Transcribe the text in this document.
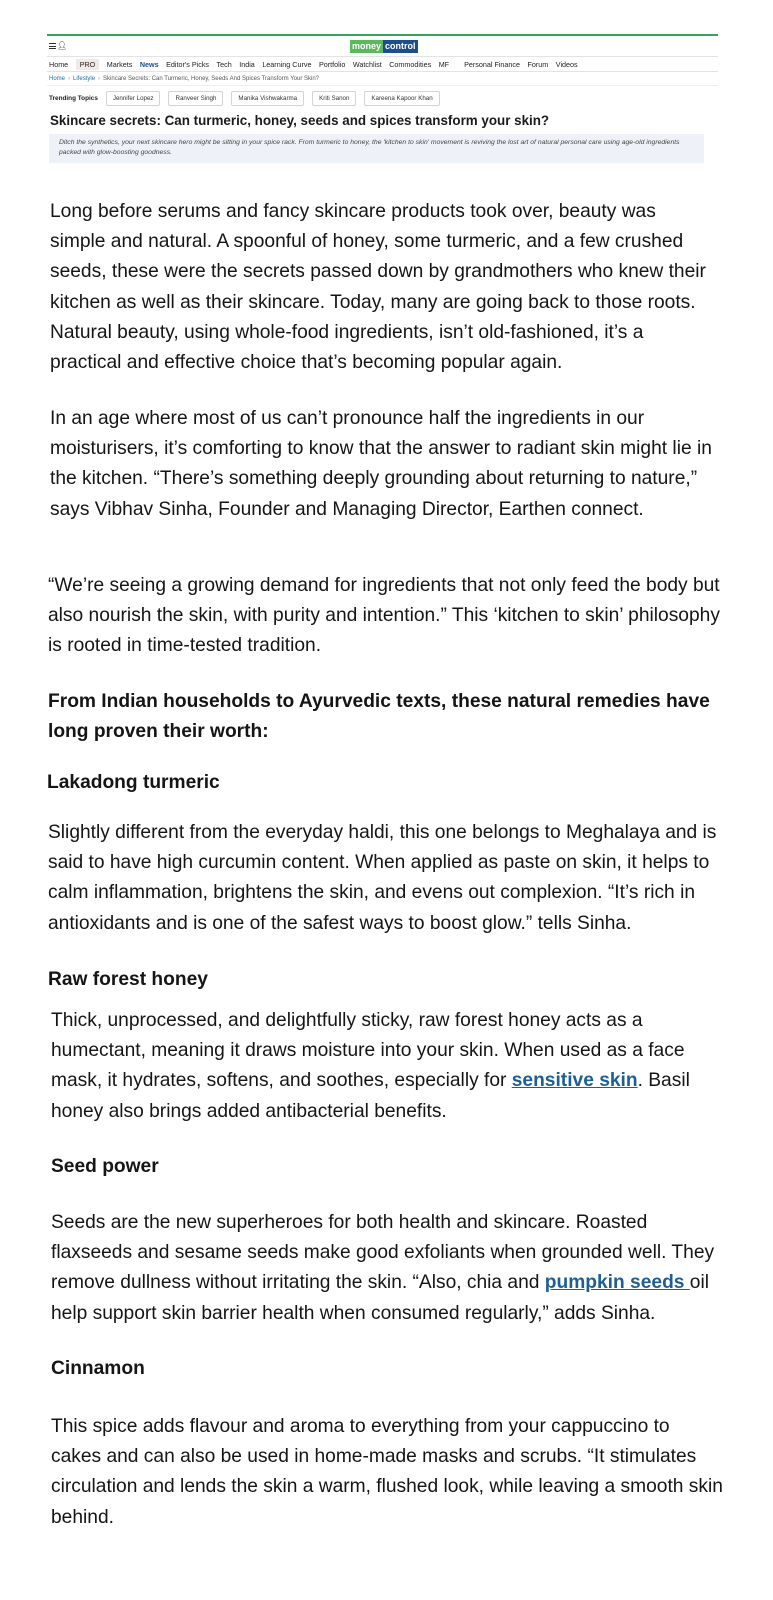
👤︎	money control
Home	PRO	Markets News Editor's Picks Tech India Learning Curve Portfolio Watchlist Commodities MF Personal Finance Forum Videos
Home › Lifestyle › Skincare Secrets: Can Turmeric, Honey, Seeds And Spices Transform Your Skin?
Trending Topics	Jennifer Lopez	Ranveer Singh	Manika Vishwakarma	Kriti Sanon	Kareena Kapoor Khan
Skincare secrets: Can turmeric, honey, seeds and spices transform your skin?
Ditch the synthetics, your next skincare hero might be sitting in your spice rack. From turmeric to honey, the 'kitchen to skin' movement is reviving the lost art of natural personal care using age-old ingredients packed with glow-boosting goodness.

Long before serums and fancy skincare products took over, beauty was simple and natural. A spoonful of honey, some turmeric, and a few crushed seeds, these were the secrets passed down by grandmothers who knew their kitchen as well as their skincare. Today, many are going back to those roots. Natural beauty, using whole-food ingredients, isn’t old-fashioned, it’s a practical and effective choice that’s becoming popular again.

In an age where most of us can’t pronounce half the ingredients in our moisturisers, it’s comforting to know that the answer to radiant skin might lie in the kitchen. “There’s something deeply grounding about returning to nature,” says Vibhav Sinha, Founder and Managing Director, Earthen connect.

“We’re seeing a growing demand for ingredients that not only feed the body but also nourish the skin, with purity and intention.” This ‘kitchen to skin’ philosophy is rooted in time-tested tradition.

From Indian households to Ayurvedic texts, these natural remedies have long proven their worth:

Lakadong turmeric

Slightly different from the everyday haldi, this one belongs to Meghalaya and is said to have high curcumin content. When applied as paste on skin, it helps to calm inflammation, brightens the skin, and evens out complexion. “It’s rich in antioxidants and is one of the safest ways to boost glow.” tells Sinha.

Raw forest honey

Thick, unprocessed, and delightfully sticky, raw forest honey acts as a humectant, meaning it draws moisture into your skin. When used as a face mask, it hydrates, softens, and soothes, especially for sensitive skin. Basil honey also brings added antibacterial benefits.

Seed power

Seeds are the new superheroes for both health and skincare. Roasted flaxseeds and sesame seeds make good exfoliants when grounded well. They remove dullness without irritating the skin. “Also, chia and pumpkin seeds oil help support skin barrier health when consumed regularly,” adds Sinha.

Cinnamon

This spice adds flavour and aroma to everything from your cappuccino to cakes and can also be used in home-made masks and scrubs. “It stimulates circulation and lends the skin a warm, flushed look, while leaving a smooth skin behind.
